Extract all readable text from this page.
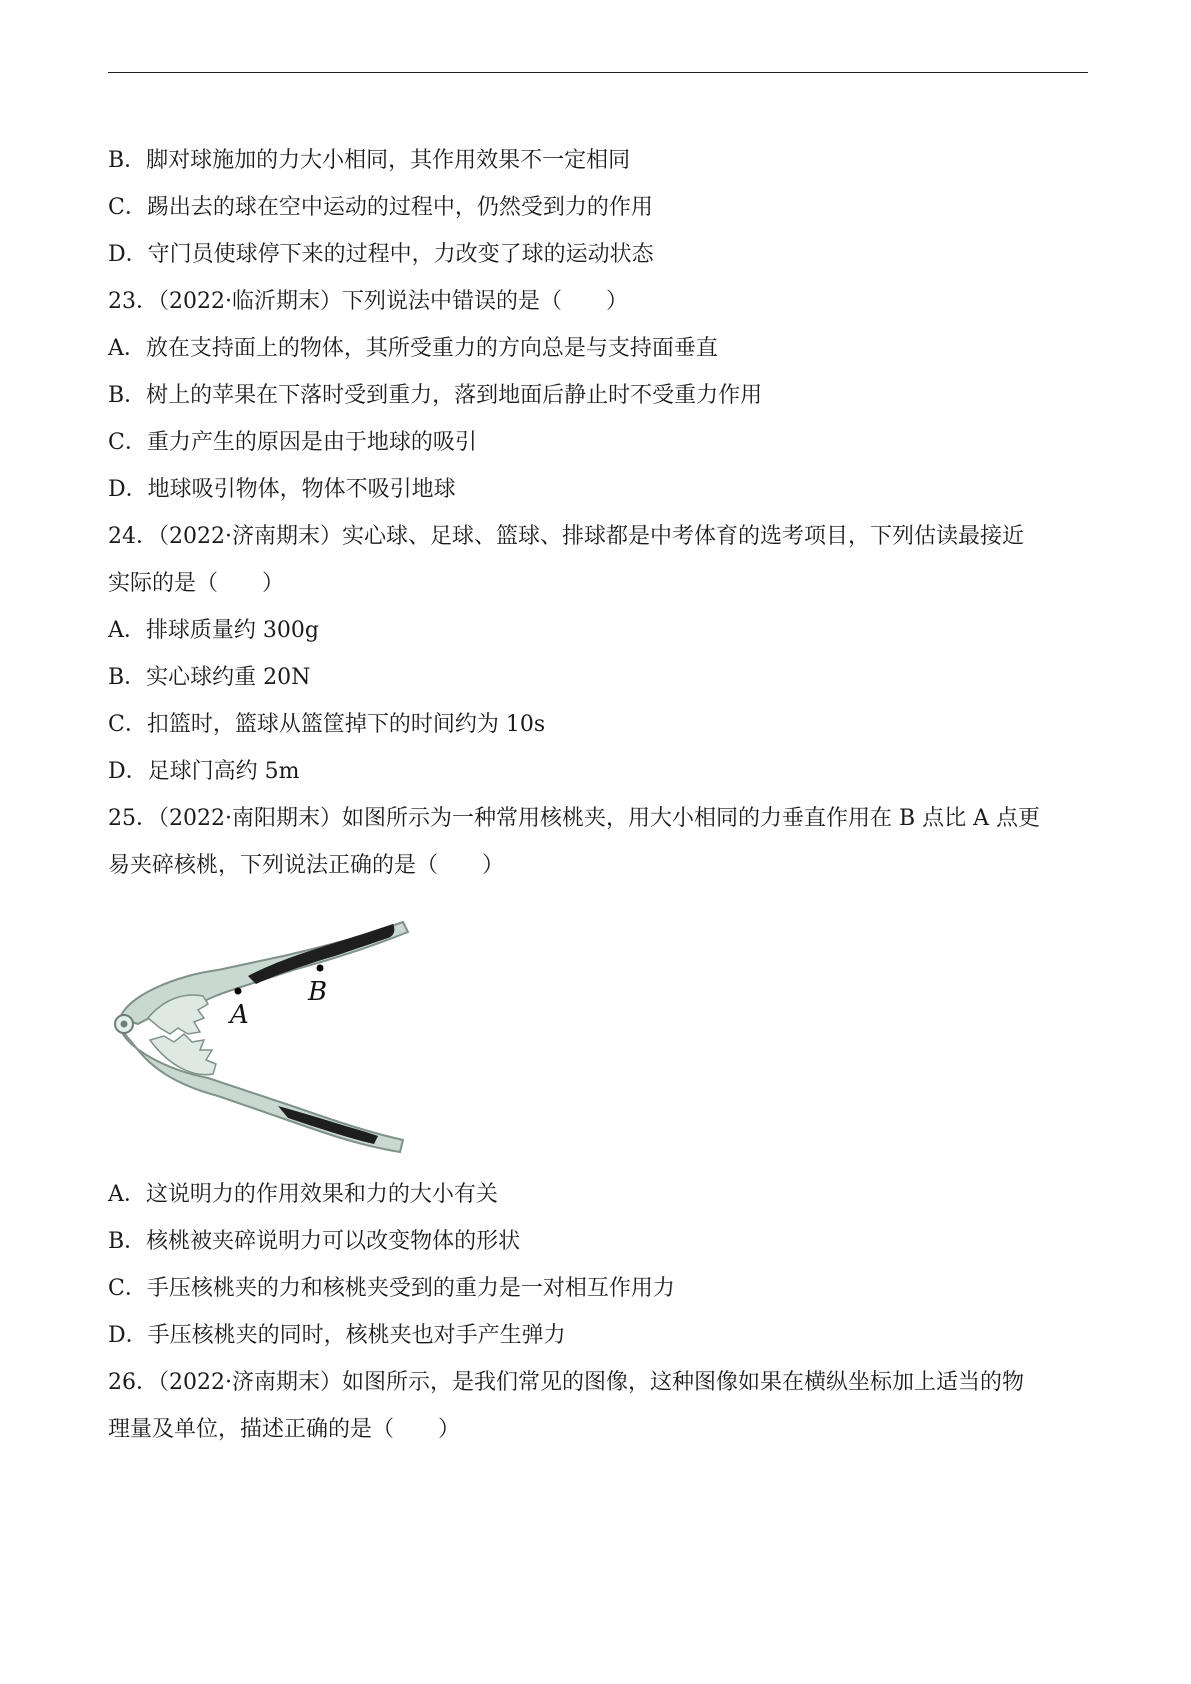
B．脚对球施加的力大小相同，其作用效果不一定相同
C．踢出去的球在空中运动的过程中，仍然受到力的作用
D．守门员使球停下来的过程中，力改变了球的运动状态
23．（2022·临沂期末）下列说法中错误的是（　　）
A．放在支持面上的物体，其所受重力的方向总是与支持面垂直
B．树上的苹果在下落时受到重力，落到地面后静止时不受重力作用
C．重力产生的原因是由于地球的吸引
D．地球吸引物体，物体不吸引地球
24．（2022·济南期末）实心球、足球、篮球、排球都是中考体育的选考项目，下列估读最接近
实际的是（　　）
A．排球质量约 300g
B．实心球约重 20N
C．扣篮时，篮球从篮筐掉下的时间约为 10s
D．足球门高约 5m
25．（2022·南阳期末）如图所示为一种常用核桃夹，用大小相同的力垂直作用在 B 点比 A 点更
易夹碎核桃，下列说法正确的是（　　）
A
B
A．这说明力的作用效果和力的大小有关
B．核桃被夹碎说明力可以改变物体的形状
C．手压核桃夹的力和核桃夹受到的重力是一对相互作用力
D．手压核桃夹的同时，核桃夹也对手产生弹力
26．（2022·济南期末）如图所示，是我们常见的图像，这种图像如果在横纵坐标加上适当的物
理量及单位，描述正确的是（　　）
